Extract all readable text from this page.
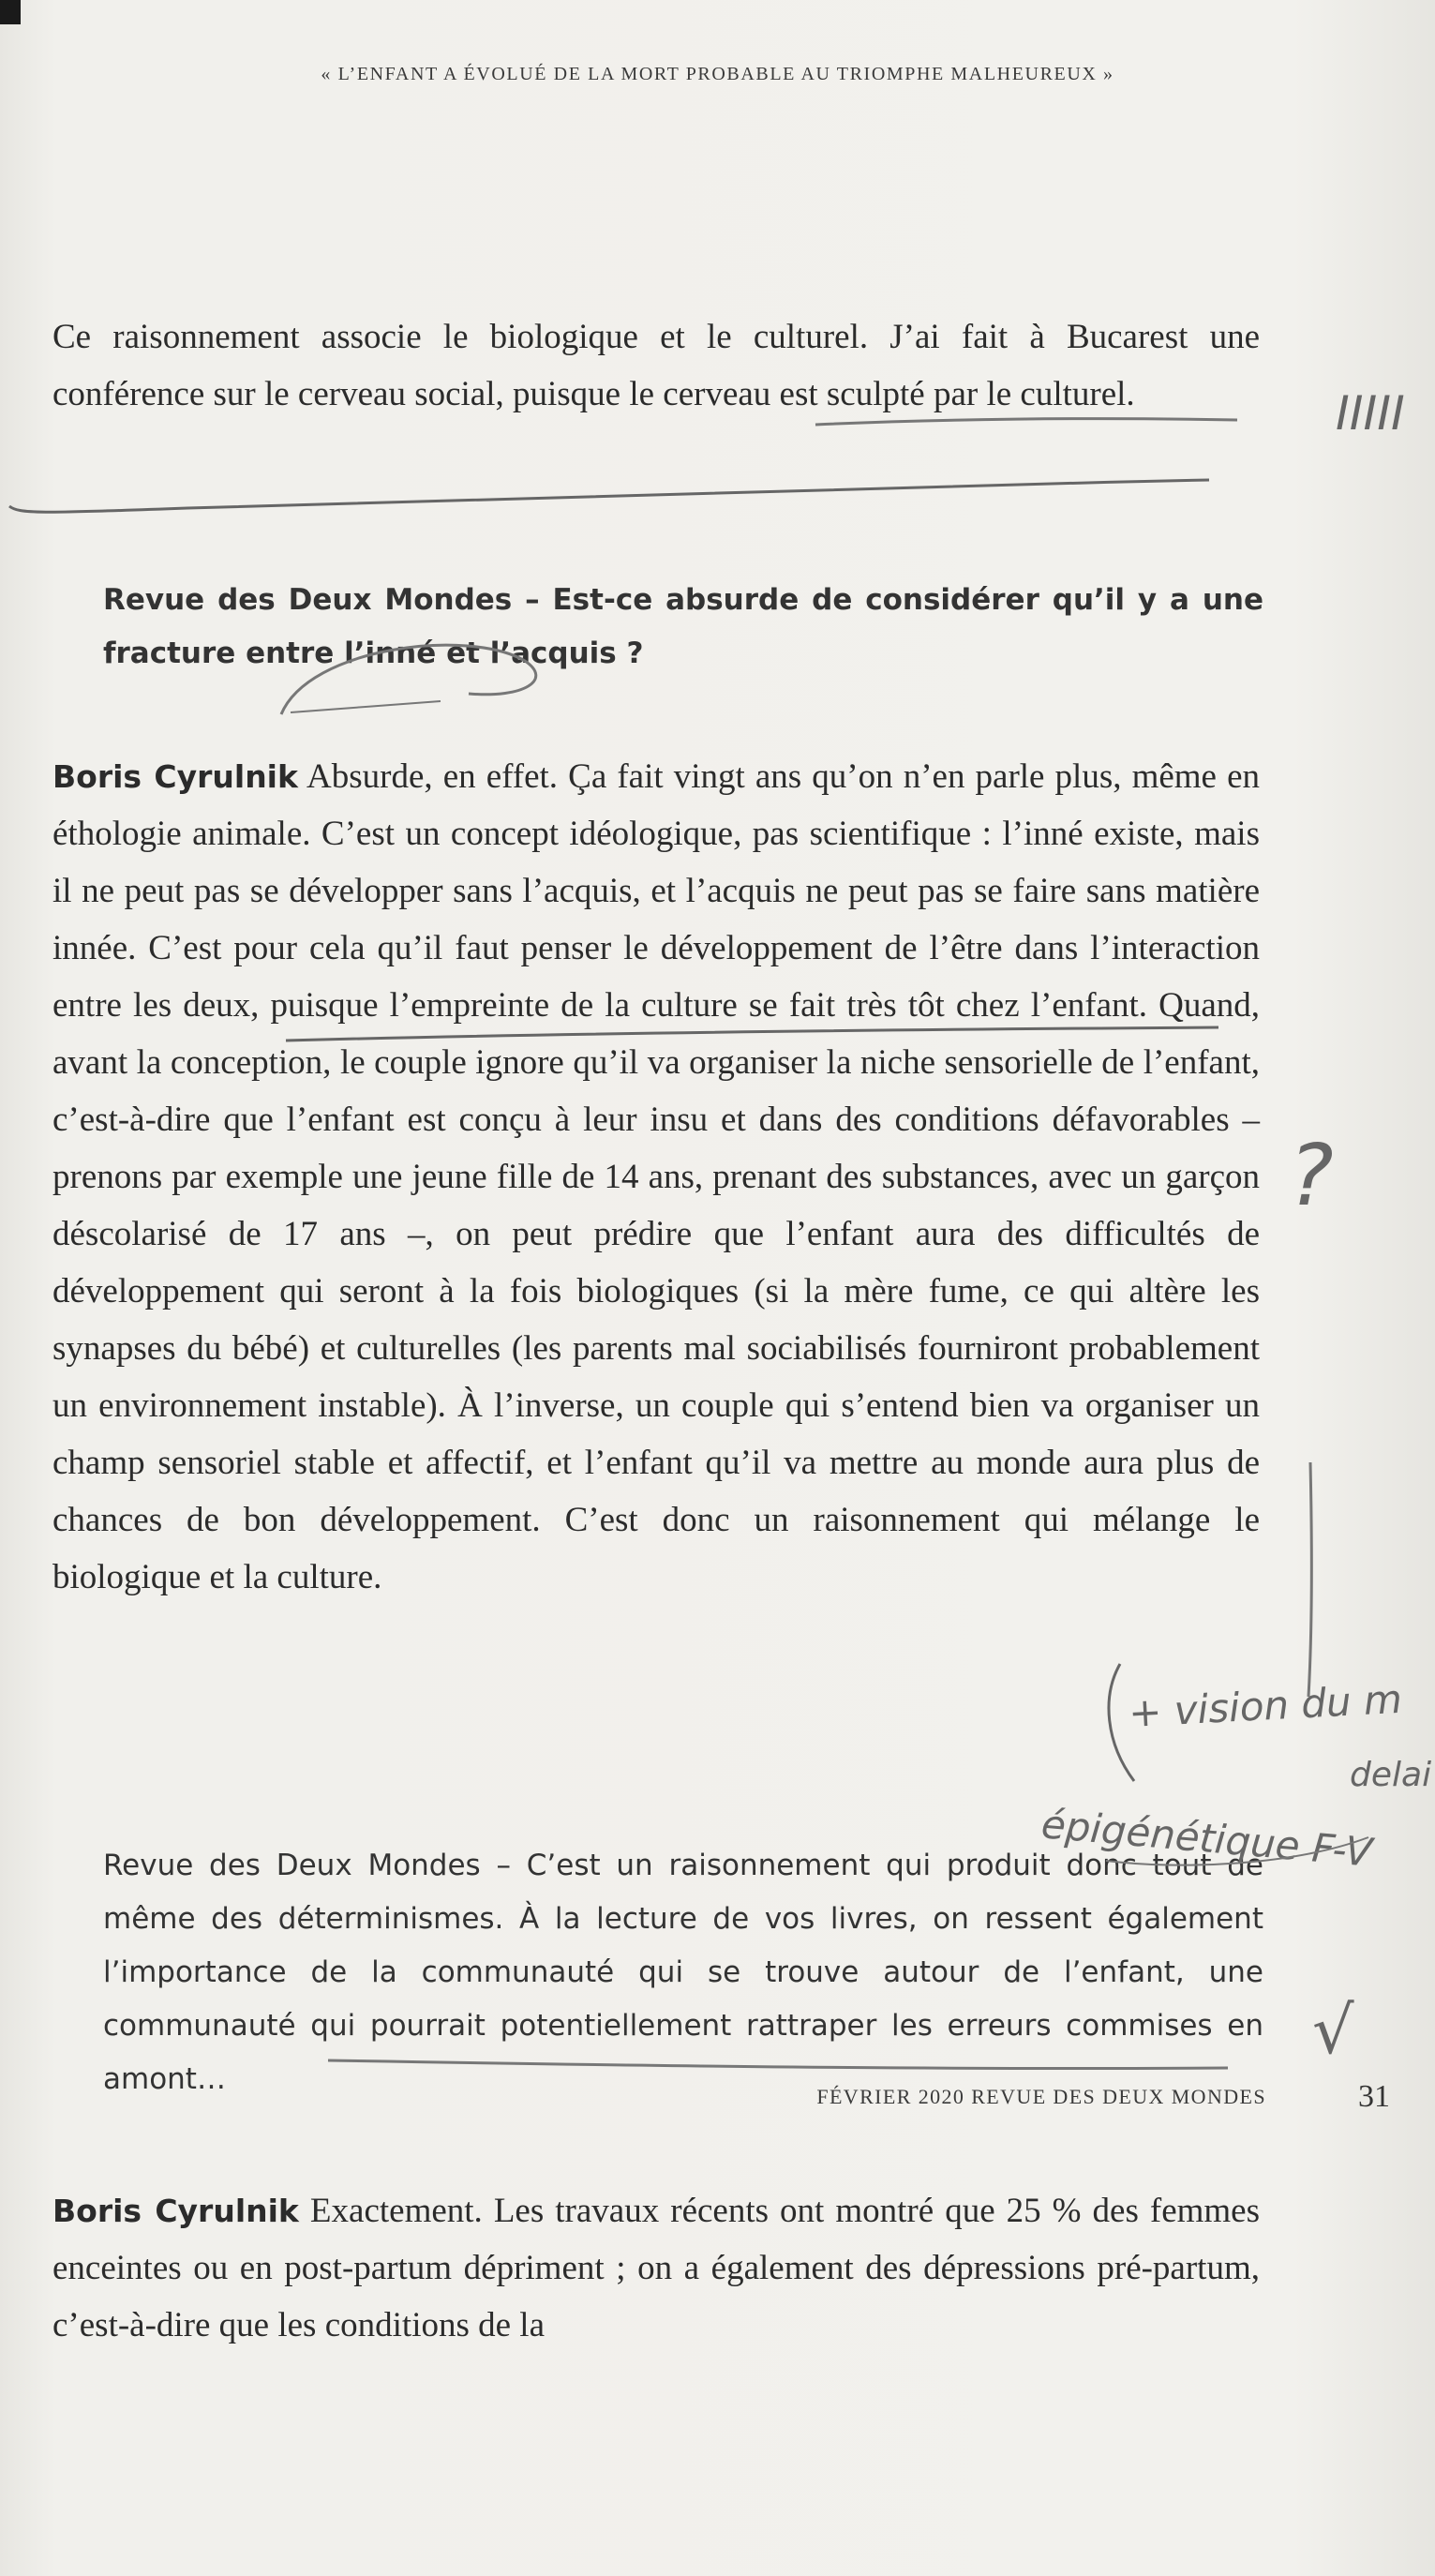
« L’ENFANT A ÉVOLUÉ DE LA MORT PROBABLE AU TRIOMPHE MALHEUREUX »

Ce raisonnement associe le biologique et le culturel. J’ai fait à Bucarest une conférence sur le cerveau social, puisque le cerveau est sculpté par le culturel.

Revue des Deux Mondes – Est-ce absurde de considérer qu’il y a une fracture entre l’inné et l’acquis ?

Boris Cyrulnik Absurde, en effet. Ça fait vingt ans qu’on n’en parle plus, même en éthologie animale. C’est un concept idéologique, pas scientifique : l’inné existe, mais il ne peut pas se développer sans l’acquis, et l’acquis ne peut pas se faire sans matière innée. C’est pour cela qu’il faut penser le développement de l’être dans l’interaction entre les deux, puisque l’empreinte de la culture se fait très tôt chez l’enfant. Quand, avant la conception, le couple ignore qu’il va organiser la niche sensorielle de l’enfant, c’est-à-dire que l’enfant est conçu à leur insu et dans des conditions défavorables – prenons par exemple une jeune fille de 14 ans, prenant des substances, avec un garçon déscolarisé de 17 ans –, on peut prédire que l’enfant aura des difficultés de développement qui seront à la fois biologiques (si la mère fume, ce qui altère les synapses du bébé) et culturelles (les parents mal sociabilisés fourniront probablement un environnement instable). À l’inverse, un couple qui s’entend bien va organiser un champ sensoriel stable et affectif, et l’enfant qu’il va mettre au monde aura plus de chances de bon développement. C’est donc un raisonnement qui mélange le biologique et la culture.

Revue des Deux Mondes – C’est un raisonnement qui produit donc tout de même des déterminismes. À la lecture de vos livres, on ressent également l’importance de la communauté qui se trouve autour de l’enfant, une communauté qui pourrait potentiellement rattraper les erreurs commises en amont…

Boris Cyrulnik Exactement. Les travaux récents ont montré que 25 % des femmes enceintes ou en post-partum dépriment ; on a également des dépressions pré-partum, c’est-à-dire que les conditions de la

FÉVRIER 2020 REVUE DES DEUX MONDES	31
IIIII
?
+ vision du m
delai
épigénétique F-V
√
